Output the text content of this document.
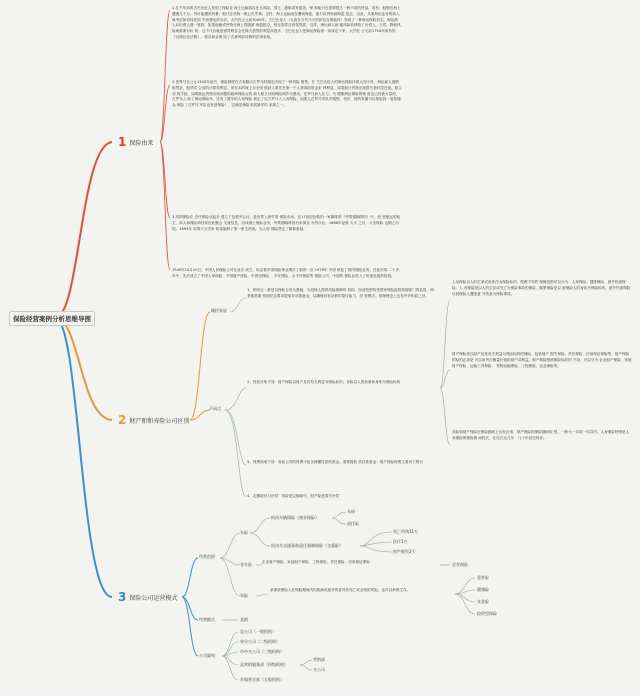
保险经营案例分析思维导图
1 保险由来
1.五千年前的古巴比伦人发明了保险业 海上运输持存在大风险。国王、港船或发债造，保 养船只也需要很久一般不用的货品，再有，船舶在海上 遭遇几千月。货可能遭到风暴，船只在货物一般已久失事。这样，海上运输成在遭到海盗，船只或货物被海盗 抢去，由此，从事海运业务的商人就考虑如何转化损 失而想出的办法。大约在公元前3000年，古巴比伦人（大致在当代今天的伊拉克领地内）发明了一种海运保险形态，海运商 人向出借人借一笔钱，如果他船或货物在海上损毁被 海盗抢夺，则无需偿还该笔贷款，这样，海运商人就 能风险转移给了出借人，当然，降低风险就需要付价 的，这个代价就是借贷利息会比像人借贷的利息高很多，古巴比伦人把海运保险第一条规定下来，大约在 公元前1754年颁布的《汉谟拉比法典》，要求商业保 险了古神风险转移的法律条款。
2.世界马在公元1300年前后，保险制度在古希腊由古罗马时期也出现了一种风险 借贷，在 古巴比伦人的海运保险体系大同小异，海运商人借借 船贷款，船货或 合同的计算得利息，但有本的海上安全则 借款人要先在第一个人获得的资金来 利利息，如果船只货物出现损失是时偿还借。船主须 的手续，如果航运货物出现问题的船商保险合的 商人便支付给保险商作为费用，在罗马商人在与，马 德斯海运保险的制 度也已经被大量的，古罗马人 除了海运保险外，还有了最早的人寿保险 规定了以古罗马人人寿保险，如果人在罗马军队中服役，死后，他的家属可以领取到一笔抚恤金 保险（古罗马 军队也发放保险），这就是保险发展最早的 来源之一。
3.英国保险在 近代保险业起步 建立了伦敦劳合社，是世界上最早的 保险市场，在17世纪伦敦的一家咖啡馆（劳埃德咖啡馆）中，经 营航运的船主、商人和保险商经常在此聚会 交流信息，洽谈海上保险业务，劳埃德咖啡馆后来演变 为劳合社。1666年伦敦 大火 之后，火灾保险 也随之出现。1693年 英国天文学家 哈雷编制了第一张生命表，为人寿 保险奠定了精算基础。
1949年10月20日，中国人民保险公司在北京 成立，标志着中国保险事业揭开了新的一页 1979年 中国 恢复了国内保险业务，在此后的 二十多年中，先后成立了中国人寿保险、中国财产保险、中国再保险、 平安保险、太平洋保险等 保险公司，中国的 保险业进入了快速发展的阶段。
2 财产和和寿险公司区别
概括来说
1、相同点：都是以保险合同为基础，为投保人提供风险保障的 机构，经营范围均受国家保险监督管理部门的监管，两者都需要 按照法定要求提取各项准备金，以确保具有足够的偿付能力，经 营模式、管理理念上也有许多相同之处。
不同点
2、经营对象不同：财产保险以财产及其有关利益为保险标的；寿险以人的寿命和身体为保险标的
人身保险以人的生命或身体作为保险标的，按照不同的 保障范围可以分为：人寿保险、健康保险、意外伤害保险。人 寿保险是以人的生存或死亡为保险事故的保险，健康保险是以 被保险人的身体为保险标的，意外伤害保险以被保险人遭受意 外伤害为保险事故。
财产保险是以财产及其有关利益为保险标的的保险，包括财产 损失保险、责任保险、信用保证保险等，财产保险的标的必须是 可以用货币衡量价值的财产或利益。财产保险按照保险标的的 不同，可以分为 企业财产保险、家庭财产保险、运输工具保险、 货物运输保险、工程保险、农业保险等。
寿险和财产保险在保险期间上也有区别，财产保险的保险期间较 短，一般为一年或一年以内；人身保险特别是人寿保险的保险期 间较长，往往长达几年、几十年甚至终身。
3、保费构成不同：寿险公司的保费中包含储蓄性质的资金，需要提取 责任准备金；财产保险保费主要用于赔付
4、定额给付与补偿：寿险是定额给付，财产险是损失补偿
3 保险公司运营模式
经营范围
车险
机动车辆保险（商业保险）
车损
责任险
机动车交通事故责任强制保险（交强险）
死亡伤残11万
医疗1万
财产损失2千
非车险	企业财产保险、家庭财产保险、工程保险、责任保险、信用保证保险	企业保险
寿险
承保被保险人在保险期间内因疾病或意外伤害导致死亡或全残的风险，也可以承保生存。
意外险
健康险
年金险
投资型保险
经营模式	直销
公司架构
总公司（一级机构）
省分公司（二级机构）
市中支公司（三级机构）
县营销服务部（四级机构）
营销部
支公司
乡镇营业部（五级机构）
